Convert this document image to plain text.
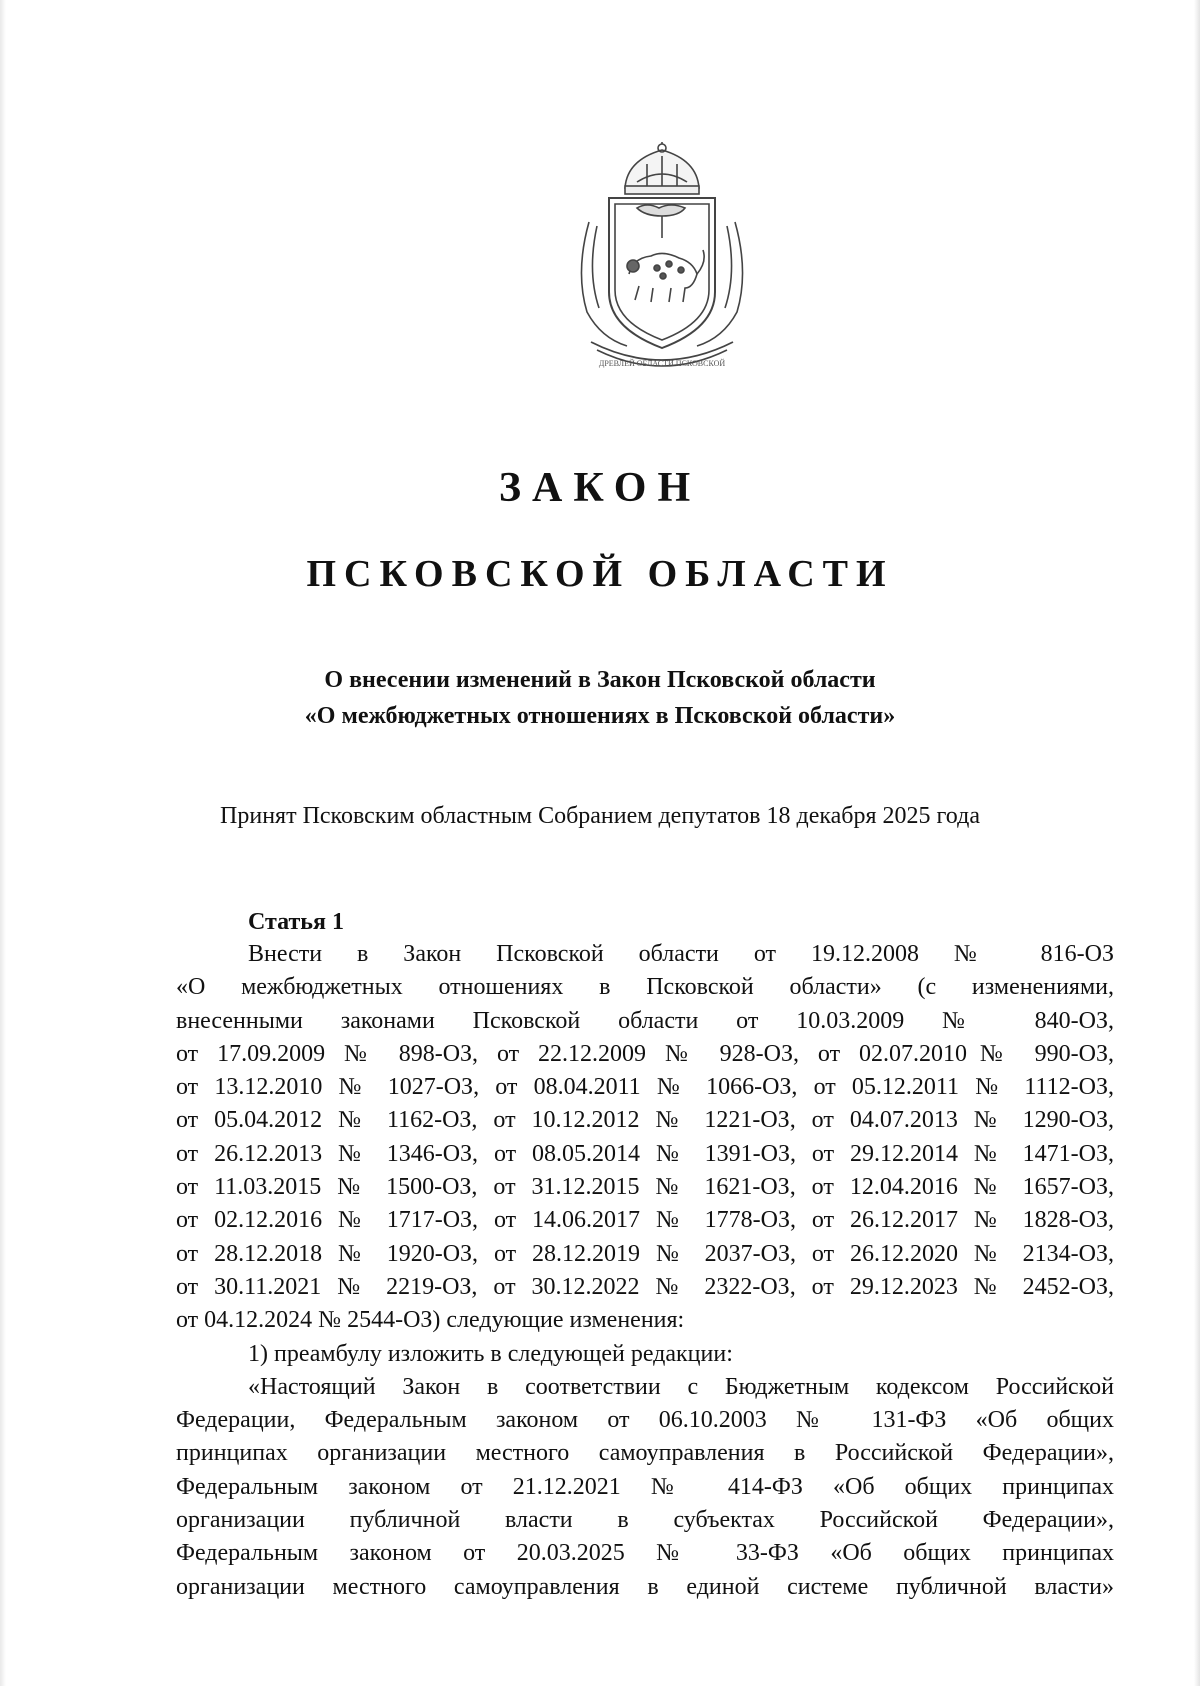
ДРЕВЛЕЙ ОБЛАСТИ ПСКОВСКОЙ
ЗАКОН
ПСКОВСКОЙ ОБЛАСТИ
О внесении изменений в Закон Псковской области
«О межбюджетных отношениях в Псковской области»
Принят Псковским областным Собранием депутатов 18 декабря 2025 года
Статья 1
Внести в Закон Псковской области от 19.12.2008 № 816-ОЗ
«О межбюджетных отношениях в Псковской области» (с изменениями,
внесенными законами Псковской области от 10.03.2009 № 840-ОЗ,
от 17.09.2009 № 898-ОЗ, от 22.12.2009 № 928-ОЗ, от 02.07.2010№ 990-ОЗ,
от 13.12.2010 № 1027-ОЗ, от 08.04.2011 № 1066-ОЗ, от 05.12.2011 № 1112-ОЗ,
от 05.04.2012 № 1162-ОЗ, от 10.12.2012 № 1221-ОЗ, от 04.07.2013 № 1290-ОЗ,
от 26.12.2013 № 1346-ОЗ, от 08.05.2014 № 1391-ОЗ, от 29.12.2014 № 1471-ОЗ,
от 11.03.2015 № 1500-ОЗ, от 31.12.2015 № 1621-ОЗ, от 12.04.2016 № 1657-ОЗ,
от 02.12.2016 № 1717-ОЗ, от 14.06.2017 № 1778-ОЗ, от 26.12.2017 № 1828-ОЗ,
от 28.12.2018 № 1920-ОЗ, от 28.12.2019 № 2037-ОЗ, от 26.12.2020 № 2134-ОЗ,
от 30.11.2021 № 2219-ОЗ, от 30.12.2022 № 2322-ОЗ, от 29.12.2023 № 2452-ОЗ,
от 04.12.2024 № 2544-ОЗ) следующие изменения:
1) преамбулу изложить в следующей редакции:
«Настоящий Закон в соответствии с Бюджетным кодексом Российской
Федерации, Федеральным законом от 06.10.2003 № 131-ФЗ «Об общих
принципах организации местного самоуправления в Российской Федерации»,
Федеральным законом от 21.12.2021 № 414-ФЗ «Об общих принципах
организации публичной власти в субъектах Российской Федерации»,
Федеральным законом от 20.03.2025 № 33-ФЗ «Об общих принципах
организации местного самоуправления в единой системе публичной власти»
